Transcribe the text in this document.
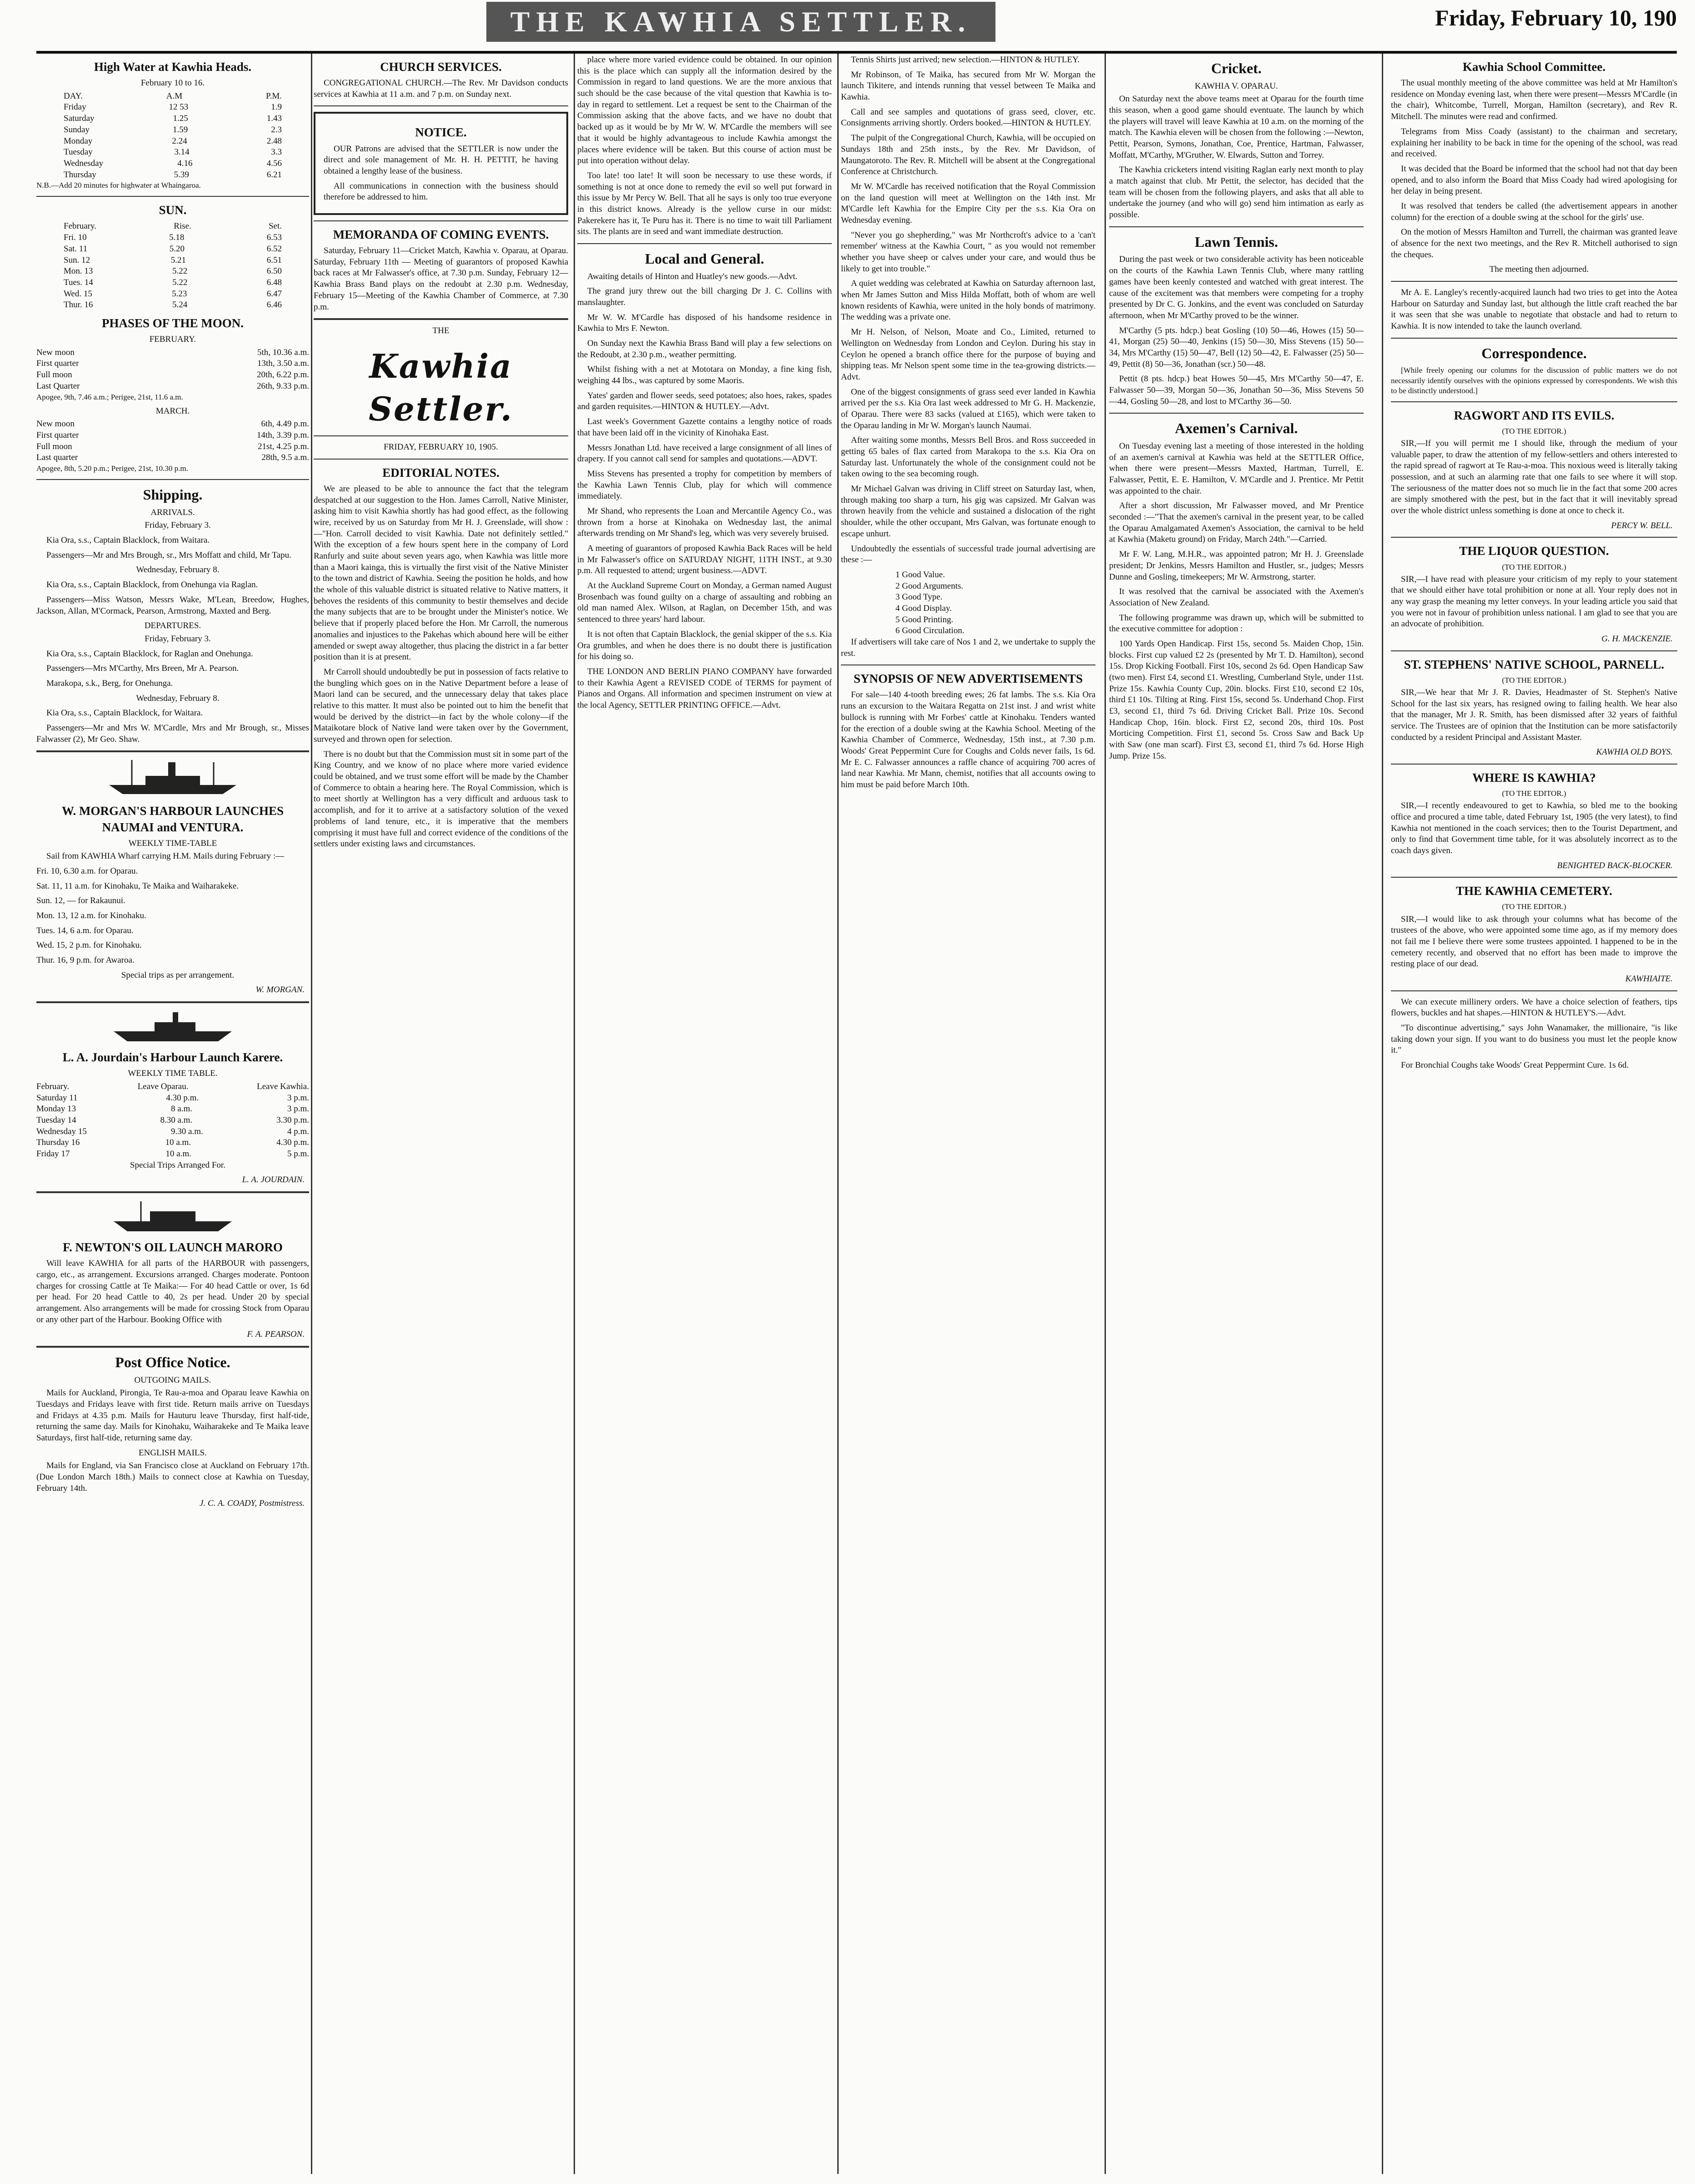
THE KAWHIA SETTLER.	Friday, February 10, 190
High Water at Kawhia Heads.
February 10 to 16.
DAY.	A.M	P.M.
Friday	12 53	1.9
Saturday	1.25	1.43
Sunday	1.59	2.3
Monday	2.24	2.48
Tuesday	3.14	3.3
Wednesday	4.16	4.56
Thursday	5.39	6.21
N.B.—Add 20 minutes for highwater at Whaingaroa.
SUN.
February.	Rise.	Set.
Fri. 10	5.18	6.53
Sat. 11	5.20	6.52
Sun. 12	5.21	6.51
Mon. 13	5.22	6.50
Tues. 14	5.22	6.48
Wed. 15	5.23	6.47
Thur. 16	5.24	6.46
PHASES OF THE MOON.
FEBRUARY.
New moon	5th, 10.36 a.m.
First quarter	13th, 3.50 a.m.
Full moon	20th, 6.22 p.m.
Last Quarter	26th, 9.33 p.m.
Apogee, 9th, 7.46 a.m.; Perigee, 21st, 11.6 a.m.
MARCH.
New moon	6th, 4.49 p.m.
First quarter	14th, 3.39 p.m.
Full moon	21st, 4.25 p.m.
Last quarter	28th, 9.5 a.m.
Apogee, 8th, 5.20 p.m.; Perigee, 21st, 10.30 p.m.
Shipping.
ARRIVALS.
Friday, February 3.
Kia Ora, s.s., Captain Blacklock, from Waitara.
Passengers—Mr and Mrs Brough, sr., Mrs Moffatt and child, Mr Tapu.
Wednesday, February 8.
Kia Ora, s.s., Captain Blacklock, from Onehunga via Raglan.
Passengers—Miss Watson, Messrs Wake, M'Lean, Breedow, Hughes, Jackson, Allan, M'Cormack, Pearson, Armstrong, Maxted and Berg.
DEPARTURES.
Friday, February 3.
Kia Ora, s.s., Captain Blacklock, for Raglan and Onehunga.
Passengers—Mrs M'Carthy, Mrs Breen, Mr A. Pearson.
Marakopa, s.k., Berg, for Onehunga.
Wednesday, February 8.
Kia Ora, s.s., Captain Blacklock, for Waitara.
Passengers—Mr and Mrs W. M'Cardle, Mrs and Mr Brough, sr., Misses Falwasser (2), Mr Geo. Shaw.
W. MORGAN'S HARBOUR LAUNCHES NAUMAI and VENTURA.
WEEKLY TIME-TABLE
Sail from KAWHIA Wharf carrying H.M. Mails during February :—
Fri. 10, 6.30 a.m. for Oparau.
Sat. 11, 11 a.m. for Kinohaku, Te Maika and Waiharakeke.
Sun. 12, — for Rakaunui.
Mon. 13, 12 a.m. for Kinohaku.
Tues. 14, 6 a.m. for Oparau.
Wed. 15, 2 p.m. for Kinohaku.
Thur. 16, 9 p.m. for Awaroa.
Special trips as per arrangement.
W. MORGAN.
L. A. Jourdain's Harbour Launch Karere.
WEEKLY TIME TABLE.
February.	Leave Oparau.	Leave Kawhia.
Saturday 11	4.30 p.m.	3 p.m.
Monday 13	8 a.m.	3 p.m.
Tuesday 14	8.30 a.m.	3.30 p.m.
Wednesday 15	9.30 a.m.	4 p.m.
Thursday 16	10 a.m.	4.30 p.m.
Friday 17	10 a.m.	5 p.m.
Special Trips Arranged For.
L. A. JOURDAIN.
F. NEWTON'S OIL LAUNCH MARORO
Will leave KAWHIA for all parts of the HARBOUR with passengers, cargo, etc., as arrangement. Excursions arranged. Charges moderate. Pontoon charges for crossing Cattle at Te Maika:— For 40 head Cattle or over, 1s 6d per head. For 20 head Cattle to 40, 2s per head. Under 20 by special arrangement. Also arrangements will be made for crossing Stock from Oparau or any other part of the Harbour. Booking Office with
F. A. PEARSON.
Post Office Notice.
OUTGOING MAILS.
Mails for Auckland, Pirongia, Te Rau-a-moa and Oparau leave Kawhia on Tuesdays and Fridays leave with first tide. Return mails arrive on Tuesdays and Fridays at 4.35 p.m. Mails for Hauturu leave Thursday, first half-tide, returning the same day. Mails for Kinohaku, Waiharakeke and Te Maika leave Saturdays, first half-tide, returning same day.
ENGLISH MAILS.
Mails for England, via San Francisco close at Auckland on February 17th. (Due London March 18th.) Mails to connect close at Kawhia on Tuesday, February 14th.
J. C. A. COADY, Postmistress.
CHURCH SERVICES.
CONGREGATIONAL CHURCH.—The Rev. Mr Davidson conducts services at Kawhia at 11 a.m. and 7 p.m. on Sunday next.
NOTICE.
OUR Patrons are advised that the SETTLER is now under the direct and sole management of Mr. H. H. PETTIT, he having obtained a lengthy lease of the business.
All communications in connection with the business should therefore be addressed to him.
MEMORANDA OF COMING EVENTS.
Saturday, February 11—Cricket Match, Kawhia v. Oparau, at Oparau. Saturday, February 11th — Meeting of guarantors of proposed Kawhia back races at Mr Falwasser's office, at 7.30 p.m. Sunday, February 12—Kawhia Brass Band plays on the redoubt at 2.30 p.m. Wednesday, February 15—Meeting of the Kawhia Chamber of Commerce, at 7.30 p.m.
THE
Kawhia Settler.
FRIDAY, FEBRUARY 10, 1905.
EDITORIAL NOTES.
We are pleased to be able to announce the fact that the telegram despatched at our suggestion to the Hon. James Carroll, Native Minister, asking him to visit Kawhia shortly has had good effect, as the following wire, received by us on Saturday from Mr H. J. Greenslade, will show :—"Hon. Carroll decided to visit Kawhia. Date not definitely settled." With the exception of a few hours spent here in the company of Lord Ranfurly and suite about seven years ago, when Kawhia was little more than a Maori kainga, this is virtually the first visit of the Native Minister to the town and district of Kawhia. Seeing the position he holds, and how the whole of this valuable district is situated relative to Native matters, it behoves the residents of this community to bestir themselves and decide the many subjects that are to be brought under the Minister's notice. We believe that if properly placed before the Hon. Mr Carroll, the numerous anomalies and injustices to the Pakehas which abound here will be either amended or swept away altogether, thus placing the district in a far better position than it is at present.
Mr Carroll should undoubtedly be put in possession of facts relative to the bungling which goes on in the Native Department before a lease of Maori land can be secured, and the unnecessary delay that takes place relative to this matter. It must also be pointed out to him the benefit that would be derived by the district—in fact by the whole colony—if the Mataikotare block of Native land were taken over by the Government, surveyed and thrown open for selection.
There is no doubt but that the Commission must sit in some part of the King Country, and we know of no place where more varied evidence could be obtained, and we trust some effort will be made by the Chamber of Commerce to obtain a hearing here. The Royal Commission, which is to meet shortly at Wellington has a very difficult and arduous task to accomplish, and for it to arrive at a satisfactory solution of the vexed problems of land tenure, etc., it is imperative that the members comprising it must have full and correct evidence of the conditions of the settlers under existing laws and circumstances.
place where more varied evidence could be obtained. In our opinion this is the place which can supply all the information desired by the Commission in regard to land questions. We are the more anxious that such should be the case because of the vital question that Kawhia is to-day in regard to settlement. Let a request be sent to the Chairman of the Commission asking that the above facts, and we have no doubt that backed up as it would be by Mr W. W. M'Cardle the members will see that it would be highly advantageous to include Kawhia amongst the places where evidence will be taken. But this course of action must be put into operation without delay.
Too late! too late! It will soon be necessary to use these words, if something is not at once done to remedy the evil so well put forward in this issue by Mr Percy W. Bell. That all he says is only too true everyone in this district knows. Already is the yellow curse in our midst: Pakerekere has it, Te Puru has it. There is no time to wait till Parliament sits. The plants are in seed and want immediate destruction.
Local and General.
Awaiting details of Hinton and Huatley's new goods.—Advt.
The grand jury threw out the bill charging Dr J. C. Collins with manslaughter.
Mr W. W. M'Cardle has disposed of his handsome residence in Kawhia to Mrs F. Newton.
On Sunday next the Kawhia Brass Band will play a few selections on the Redoubt, at 2.30 p.m., weather permitting.
Whilst fishing with a net at Mototara on Monday, a fine king fish, weighing 44 lbs., was captured by some Maoris.
Yates' garden and flower seeds, seed potatoes; also hoes, rakes, spades and garden requisites.—HINTON & HUTLEY.—Advt.
Last week's Government Gazette contains a lengthy notice of roads that have been laid off in the vicinity of Kinohaka East.
Messrs Jonathan Ltd. have received a large consignment of all lines of drapery. If you cannot call send for samples and quotations.—ADVT.
Miss Stevens has presented a trophy for competition by members of the Kawhia Lawn Tennis Club, play for which will commence immediately.
Mr Shand, who represents the Loan and Mercantile Agency Co., was thrown from a horse at Kinohaka on Wednesday last, the animal afterwards trending on Mr Shand's leg, which was very severely bruised.
A meeting of guarantors of proposed Kawhia Back Races will be held in Mr Falwasser's office on SATURDAY NIGHT, 11TH INST., at 9.30 p.m. All requested to attend; urgent business.—ADVT.
At the Auckland Supreme Court on Monday, a German named August Brosenbach was found guilty on a charge of assaulting and robbing an old man named Alex. Wilson, at Raglan, on December 15th, and was sentenced to three years' hard labour.
It is not often that Captain Blacklock, the genial skipper of the s.s. Kia Ora grumbles, and when he does there is no doubt there is justification for his doing so.
THE LONDON AND BERLIN PIANO COMPANY have forwarded to their Kawhia Agent a REVISED CODE of TERMS for payment of Pianos and Organs. All information and specimen instrument on view at the local Agency, SETTLER PRINTING OFFICE.—Advt.
Tennis Shirts just arrived; new selection.—HINTON & HUTLEY.
Mr Robinson, of Te Maika, has secured from Mr W. Morgan the launch Tikitere, and intends running that vessel between Te Maika and Kawhia.
Call and see samples and quotations of grass seed, clover, etc. Consignments arriving shortly. Orders booked.—HINTON & HUTLEY.
The pulpit of the Congregational Church, Kawhia, will be occupied on Sundays 18th and 25th insts., by the Rev. Mr Davidson, of Maungatoroto. The Rev. R. Mitchell will be absent at the Congregational Conference at Christchurch.
Mr W. M'Cardle has received notification that the Royal Commission on the land question will meet at Wellington on the 14th inst. Mr M'Cardle left Kawhia for the Empire City per the s.s. Kia Ora on Wednesday evening.
"Never you go shepherding," was Mr Northcroft's advice to a 'can't remember' witness at the Kawhia Court, " as you would not remember whether you have sheep or calves under your care, and would thus be likely to get into trouble."
A quiet wedding was celebrated at Kawhia on Saturday afternoon last, when Mr James Sutton and Miss Hilda Moffatt, both of whom are well known residents of Kawhia, were united in the holy bonds of matrimony. The wedding was a private one.
Mr H. Nelson, of Nelson, Moate and Co., Limited, returned to Wellington on Wednesday from London and Ceylon. During his stay in Ceylon he opened a branch office there for the purpose of buying and shipping teas. Mr Nelson spent some time in the tea-growing districts.—Advt.
One of the biggest consignments of grass seed ever landed in Kawhia arrived per the s.s. Kia Ora last week addressed to Mr G. H. Mackenzie, of Oparau. There were 83 sacks (valued at £165), which were taken to the Oparau landing in Mr W. Morgan's launch Naumai.
After waiting some months, Messrs Bell Bros. and Ross succeeded in getting 65 bales of flax carted from Marakopa to the s.s. Kia Ora on Saturday last. Unfortunately the whole of the consignment could not be taken owing to the sea becoming rough.
Mr Michael Galvan was driving in Cliff street on Saturday last, when, through making too sharp a turn, his gig was capsized. Mr Galvan was thrown heavily from the vehicle and sustained a dislocation of the right shoulder, while the other occupant, Mrs Galvan, was fortunate enough to escape unhurt.
Undoubtedly the essentials of successful trade journal advertising are these :—
1 Good Value.
2 Good Arguments.
3 Good Type.
4 Good Display.
5 Good Printing.
6 Good Circulation.
If advertisers will take care of Nos 1 and 2, we undertake to supply the rest.
SYNOPSIS OF NEW ADVERTISEMENTS
For sale—140 4-tooth breeding ewes; 26 fat lambs. The s.s. Kia Ora runs an excursion to the Waitara Regatta on 21st inst. J and wrist white bullock is running with Mr Forbes' cattle at Kinohaku. Tenders wanted for the erection of a double swing at the Kawhia School. Meeting of the Kawhia Chamber of Commerce, Wednesday, 15th inst., at 7.30 p.m. Woods' Great Peppermint Cure for Coughs and Colds never fails, 1s 6d. Mr E. C. Falwasser announces a raffle chance of acquiring 700 acres of land near Kawhia. Mr Mann, chemist, notifies that all accounts owing to him must be paid before March 10th.
Cricket.
KAWHIA V. OPARAU.
On Saturday next the above teams meet at Oparau for the fourth time this season, when a good game should eventuate. The launch by which the players will travel will leave Kawhia at 10 a.m. on the morning of the match. The Kawhia eleven will be chosen from the following :—Newton, Pettit, Pearson, Symons, Jonathan, Coe, Prentice, Hartman, Falwasser, Moffatt, M'Carthy, M'Gruther, W. Elwards, Sutton and Torrey.
The Kawhia cricketers intend visiting Raglan early next month to play a match against that club. Mr Pettit, the selector, has decided that the team will be chosen from the following players, and asks that all able to undertake the journey (and who will go) send him intimation as early as possible.
Lawn Tennis.
During the past week or two considerable activity has been noticeable on the courts of the Kawhia Lawn Tennis Club, where many rattling games have been keenly contested and watched with great interest. The cause of the excitement was that members were competing for a trophy presented by Dr C. G. Jonkins, and the event was concluded on Saturday afternoon, when Mr M'Carthy proved to be the winner.
M'Carthy (5 pts. hdcp.) beat Gosling (10) 50—46, Howes (15) 50—41, Morgan (25) 50—40, Jenkins (15) 50—30, Miss Stevens (15) 50—34, Mrs M'Carthy (15) 50—47, Bell (12) 50—42, E. Falwasser (25) 50—49, Pettit (8) 50—36, Jonathan (scr.) 50—48.
Pettit (8 pts. hdcp.) beat Howes 50—45, Mrs M'Carthy 50—47, E. Falwasser 50—39, Morgan 50—36, Jonathan 50—36, Miss Stevens 50—44, Gosling 50—28, and lost to M'Carthy 36—50.
Axemen's Carnival.
On Tuesday evening last a meeting of those interested in the holding of an axemen's carnival at Kawhia was held at the SETTLER Office, when there were present—Messrs Maxted, Hartman, Turrell, E. Falwasser, Pettit, E. E. Hamilton, V. M'Cardle and J. Prentice. Mr Pettit was appointed to the chair.
After a short discussion, Mr Falwasser moved, and Mr Prentice seconded :—"That the axemen's carnival in the present year, to be called the Oparau Amalgamated Axemen's Association, the carnival to be held at Kawhia (Maketu ground) on Friday, March 24th."—Carried.
Mr F. W. Lang, M.H.R., was appointed patron; Mr H. J. Greenslade president; Dr Jenkins, Messrs Hamilton and Hustler, sr., judges; Messrs Dunne and Gosling, timekeepers; Mr W. Armstrong, starter.
It was resolved that the carnival be associated with the Axemen's Association of New Zealand.
The following programme was drawn up, which will be submitted to the executive committee for adoption :
100 Yards Open Handicap. First 15s, second 5s. Maiden Chop, 15in. blocks. First cup valued £2 2s (presented by Mr T. D. Hamilton), second 15s. Drop Kicking Football. First 10s, second 2s 6d. Open Handicap Saw (two men). First £4, second £1. Wrestling, Cumberland Style, under 11st. Prize 15s. Kawhia County Cup, 20in. blocks. First £10, second £2 10s, third £1 10s. Tilting at Ring. First 15s, second 5s. Underhand Chop. First £3, second £1, third 7s 6d. Driving Cricket Ball. Prize 10s. Second Handicap Chop, 16in. block. First £2, second 20s, third 10s. Post Morticing Competition. First £1, second 5s. Cross Saw and Back Up with Saw (one man scarf). First £3, second £1, third 7s 6d. Horse High Jump. Prize 15s.
Kawhia School Committee.
The usual monthly meeting of the above committee was held at Mr Hamilton's residence on Monday evening last, when there were present—Messrs M'Cardle (in the chair), Whitcombe, Turrell, Morgan, Hamilton (secretary), and Rev R. Mitchell. The minutes were read and confirmed.
Telegrams from Miss Coady (assistant) to the chairman and secretary, explaining her inability to be back in time for the opening of the school, was read and received.
It was decided that the Board be informed that the school had not that day been opened, and to also inform the Board that Miss Coady had wired apologising for her delay in being present.
It was resolved that tenders be called (the advertisement appears in another column) for the erection of a double swing at the school for the girls' use.
On the motion of Messrs Hamilton and Turrell, the chairman was granted leave of absence for the next two meetings, and the Rev R. Mitchell authorised to sign the cheques.
The meeting then adjourned.
Mr A. E. Langley's recently-acquired launch had two tries to get into the Aotea Harbour on Saturday and Sunday last, but although the little craft reached the bar it was seen that she was unable to negotiate that obstacle and had to return to Kawhia. It is now intended to take the launch overland.
Correspondence.
[While freely opening our columns for the discussion of public matters we do not necessarily identify ourselves with the opinions expressed by correspondents. We wish this to be distinctly understood.]
RAGWORT AND ITS EVILS.
(TO THE EDITOR.)
SIR,—If you will permit me I should like, through the medium of your valuable paper, to draw the attention of my fellow-settlers and others interested to the rapid spread of ragwort at Te Rau-a-moa. This noxious weed is literally taking possession, and at such an alarming rate that one fails to see where it will stop. The seriousness of the matter does not so much lie in the fact that some 200 acres are simply smothered with the pest, but in the fact that it will inevitably spread over the whole district unless something is done at once to check it.
PERCY W. BELL.
THE LIQUOR QUESTION.
(TO THE EDITOR.)
SIR,—I have read with pleasure your criticism of my reply to your statement that we should either have total prohibition or none at all. Your reply does not in any way grasp the meaning my letter conveys. In your leading article you said that you were not in favour of prohibition unless national. I am glad to see that you are an advocate of prohibition.
G. H. MACKENZIE.
ST. STEPHENS' NATIVE SCHOOL, PARNELL.
(TO THE EDITOR.)
SIR,—We hear that Mr J. R. Davies, Headmaster of St. Stephen's Native School for the last six years, has resigned owing to failing health. We hear also that the manager, Mr J. R. Smith, has been dismissed after 32 years of faithful service. The Trustees are of opinion that the Institution can be more satisfactorily conducted by a resident Principal and Assistant Master.
KAWHIA OLD BOYS.
WHERE IS KAWHIA?
(TO THE EDITOR.)
SIR,—I recently endeavoured to get to Kawhia, so bled me to the booking office and procured a time table, dated February 1st, 1905 (the very latest), to find Kawhia not mentioned in the coach services; then to the Tourist Department, and only to find that Government time table, for it was absolutely incorrect as to the coach days given.
BENIGHTED BACK-BLOCKER.
THE KAWHIA CEMETERY.
(TO THE EDITOR.)
SIR,—I would like to ask through your columns what has become of the trustees of the above, who were appointed some time ago, as if my memory does not fail me I believe there were some trustees appointed. I happened to be in the cemetery recently, and observed that no effort has been made to improve the resting place of our dead.
KAWHIAITE.
We can execute millinery orders. We have a choice selection of feathers, tips flowers, buckles and hat shapes.—HINTON & HUTLEY'S.—Advt.
"To discontinue advertising," says John Wanamaker, the millionaire, "is like taking down your sign. If you want to do business you must let the people know it."
For Bronchial Coughs take Woods' Great Peppermint Cure. 1s 6d.
